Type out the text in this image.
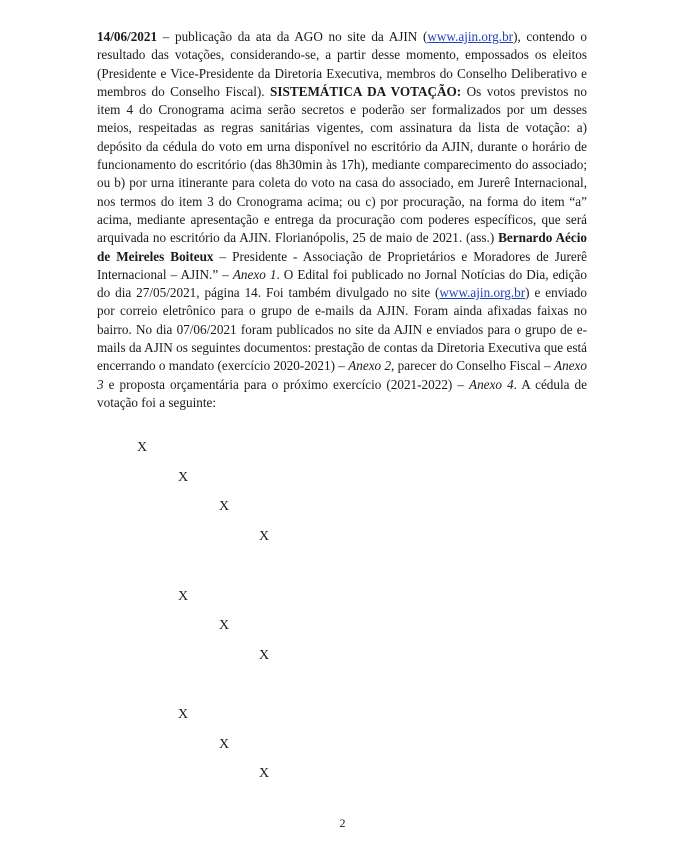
14/06/2021 – publicação da ata da AGO no site da AJIN (www.ajin.org.br), contendo o resultado das votações, considerando-se, a partir desse momento, empossados os eleitos (Presidente e Vice-Presidente da Diretoria Executiva, membros do Conselho Deliberativo e membros do Conselho Fiscal). SISTEMÁTICA DA VOTAÇÃO: Os votos previstos no item 4 do Cronograma acima serão secretos e poderão ser formalizados por um desses meios, respeitadas as regras sanitárias vigentes, com assinatura da lista de votação: a) depósito da cédula do voto em urna disponível no escritório da AJIN, durante o horário de funcionamento do escritório (das 8h30min às 17h), mediante comparecimento do associado; ou b) por urna itinerante para coleta do voto na casa do associado, em Jurerê Internacional, nos termos do item 3 do Cronograma acima; ou c) por procuração, na forma do item “a” acima, mediante apresentação e entrega da procuração com poderes específicos, que será arquivada no escritório da AJIN. Florianópolis, 25 de maio de 2021. (ass.) Bernardo Aécio de Meireles Boiteux – Presidente - Associação de Proprietários e Moradores de Jurerê Internacional – AJIN.” – Anexo 1. O Edital foi publicado no Jornal Notícias do Dia, edição do dia 27/05/2021, página 14. Foi também divulgado no site (www.ajin.org.br) e enviado por correio eletrônico para o grupo de e-mails da AJIN. Foram ainda afixadas faixas no bairro. No dia 07/06/2021 foram publicados no site da AJIN e enviados para o grupo de e-mails da AJIN os seguintes documentos: prestação de contas da Diretoria Executiva que está encerrando o mandato (exercício 2020-2021) – Anexo 2, parecer do Conselho Fiscal – Anexo 3 e proposta orçamentária para o próximo exercício (2021-2022) – Anexo 4. A cédula de votação foi a seguinte:
X
X
X
X
X
X
X
X
X
X
2
